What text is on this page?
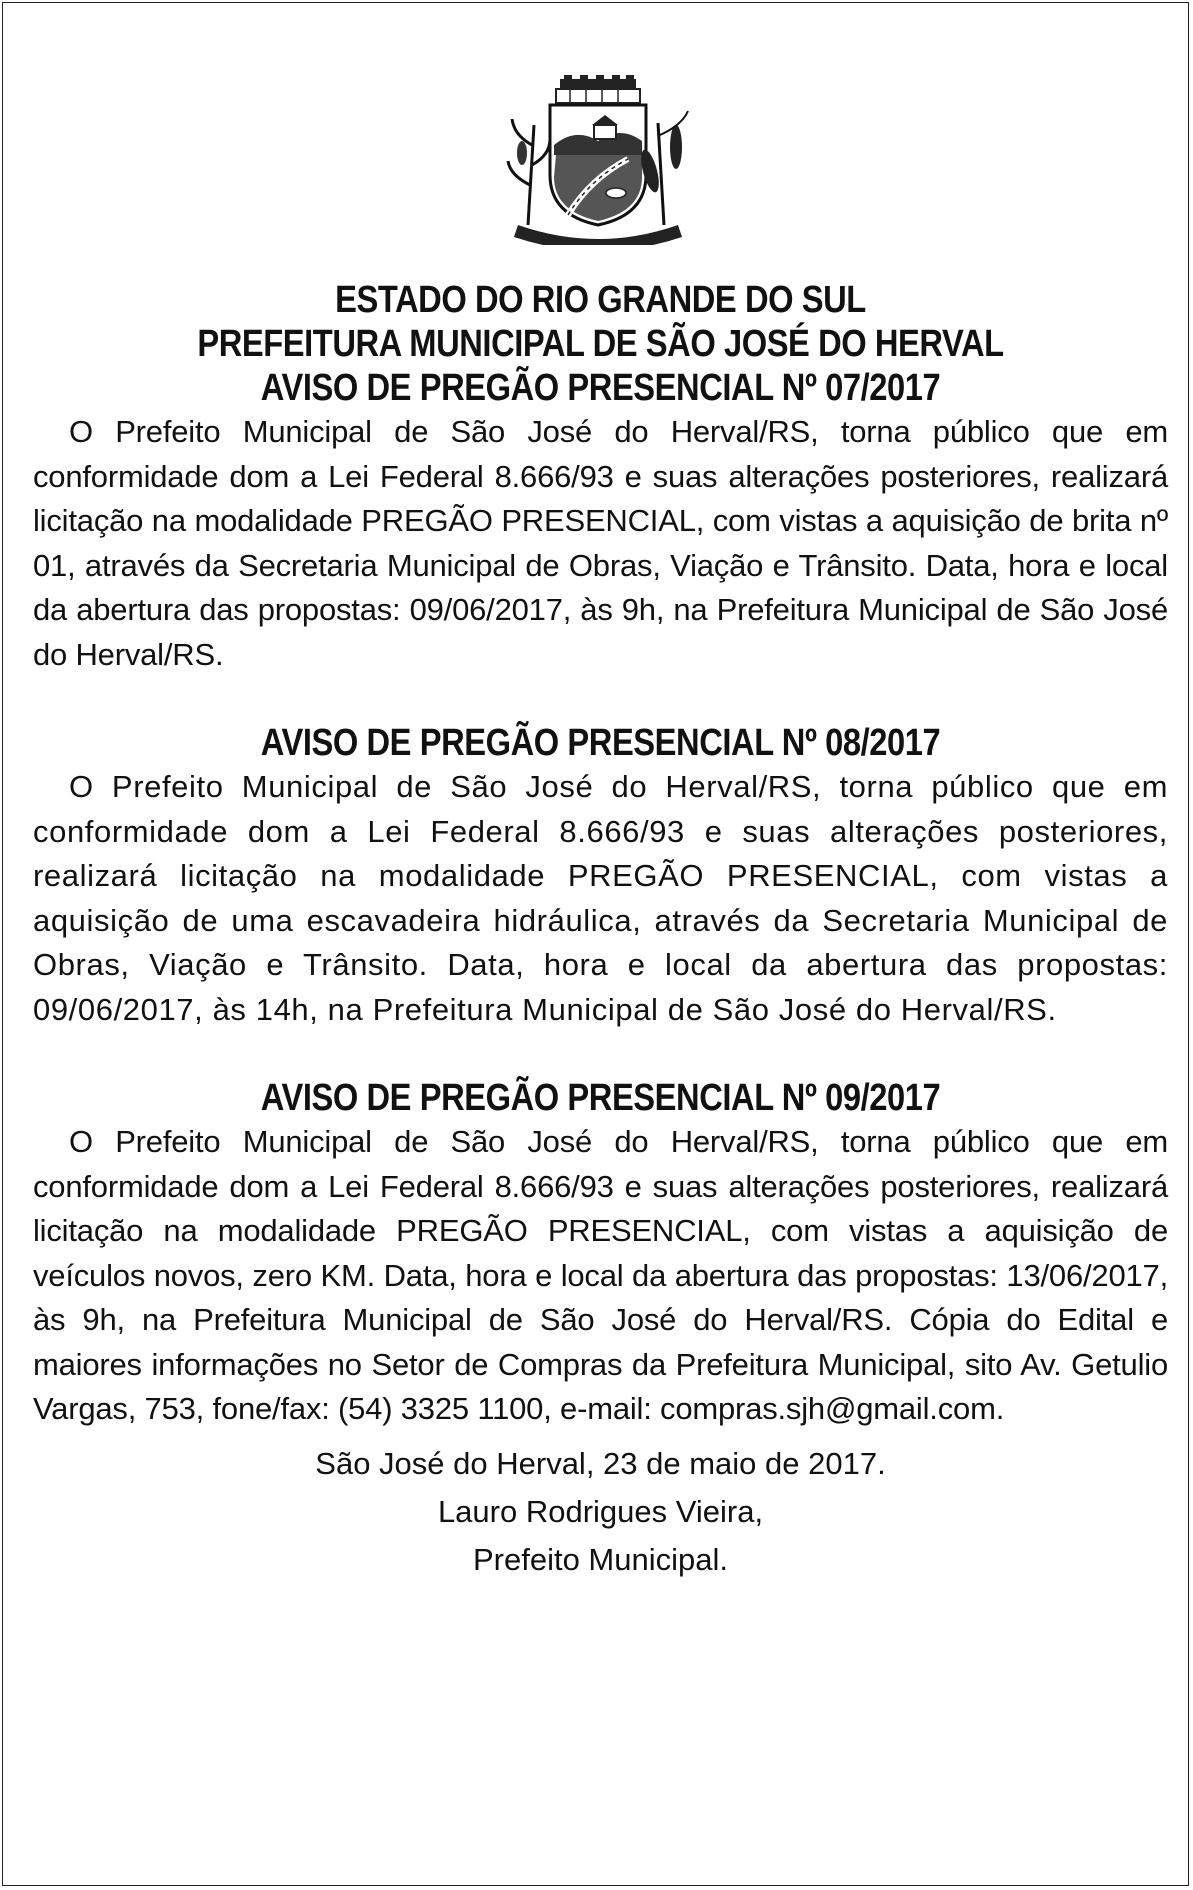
ESTADO DO RIO GRANDE DO SUL

PREFEITURA MUNICIPAL DE SÃO JOSÉ DO HERVAL

AVISO DE PREGÃO PRESENCIAL Nº 07/2017

O Prefeito Municipal de São José do Herval/RS, torna público que em conformidade dom a Lei Federal 8.666/93 e suas alterações posteriores, realizará licitação na modalidade PREGÃO PRESENCIAL, com vistas a aquisição de brita nº 01, através da Secretaria Municipal de Obras, Viação e Trânsito. Data, hora e local da abertura das propostas: 09/06/2017, às 9h, na Prefeitura Municipal de São José do Herval/RS.

AVISO DE PREGÃO PRESENCIAL Nº 08/2017

O Prefeito Municipal de São José do Herval/RS, torna público que em conformidade dom a Lei Federal 8.666/93 e suas alterações posteriores, realizará licitação na modalidade PREGÃO PRESENCIAL, com vistas a aquisição de uma escavadeira hidráulica, através da Secretaria Municipal de Obras, Viação e Trânsito. Data, hora e local da abertura das propostas: 09/06/2017, às 14h, na Prefeitura Municipal de São José do Herval/RS.

AVISO DE PREGÃO PRESENCIAL Nº 09/2017

O Prefeito Municipal de São José do Herval/RS, torna público que em conformidade dom a Lei Federal 8.666/93 e suas alterações posteriores, realizará licitação na modalidade PREGÃO PRESENCIAL, com vistas a aquisição de veículos novos, zero KM. Data, hora e local da abertura das propostas: 13/06/2017, às 9h, na Prefeitura Municipal de São José do Herval/RS. Cópia do Edital e maiores informações no Setor de Compras da Prefeitura Municipal, sito Av. Getulio Vargas, 753, fone/fax: (54) 3325 1100, e-mail: compras.sjh@gmail.com.

São José do Herval, 23 de maio de 2017.

Lauro Rodrigues Vieira,

Prefeito Municipal.
